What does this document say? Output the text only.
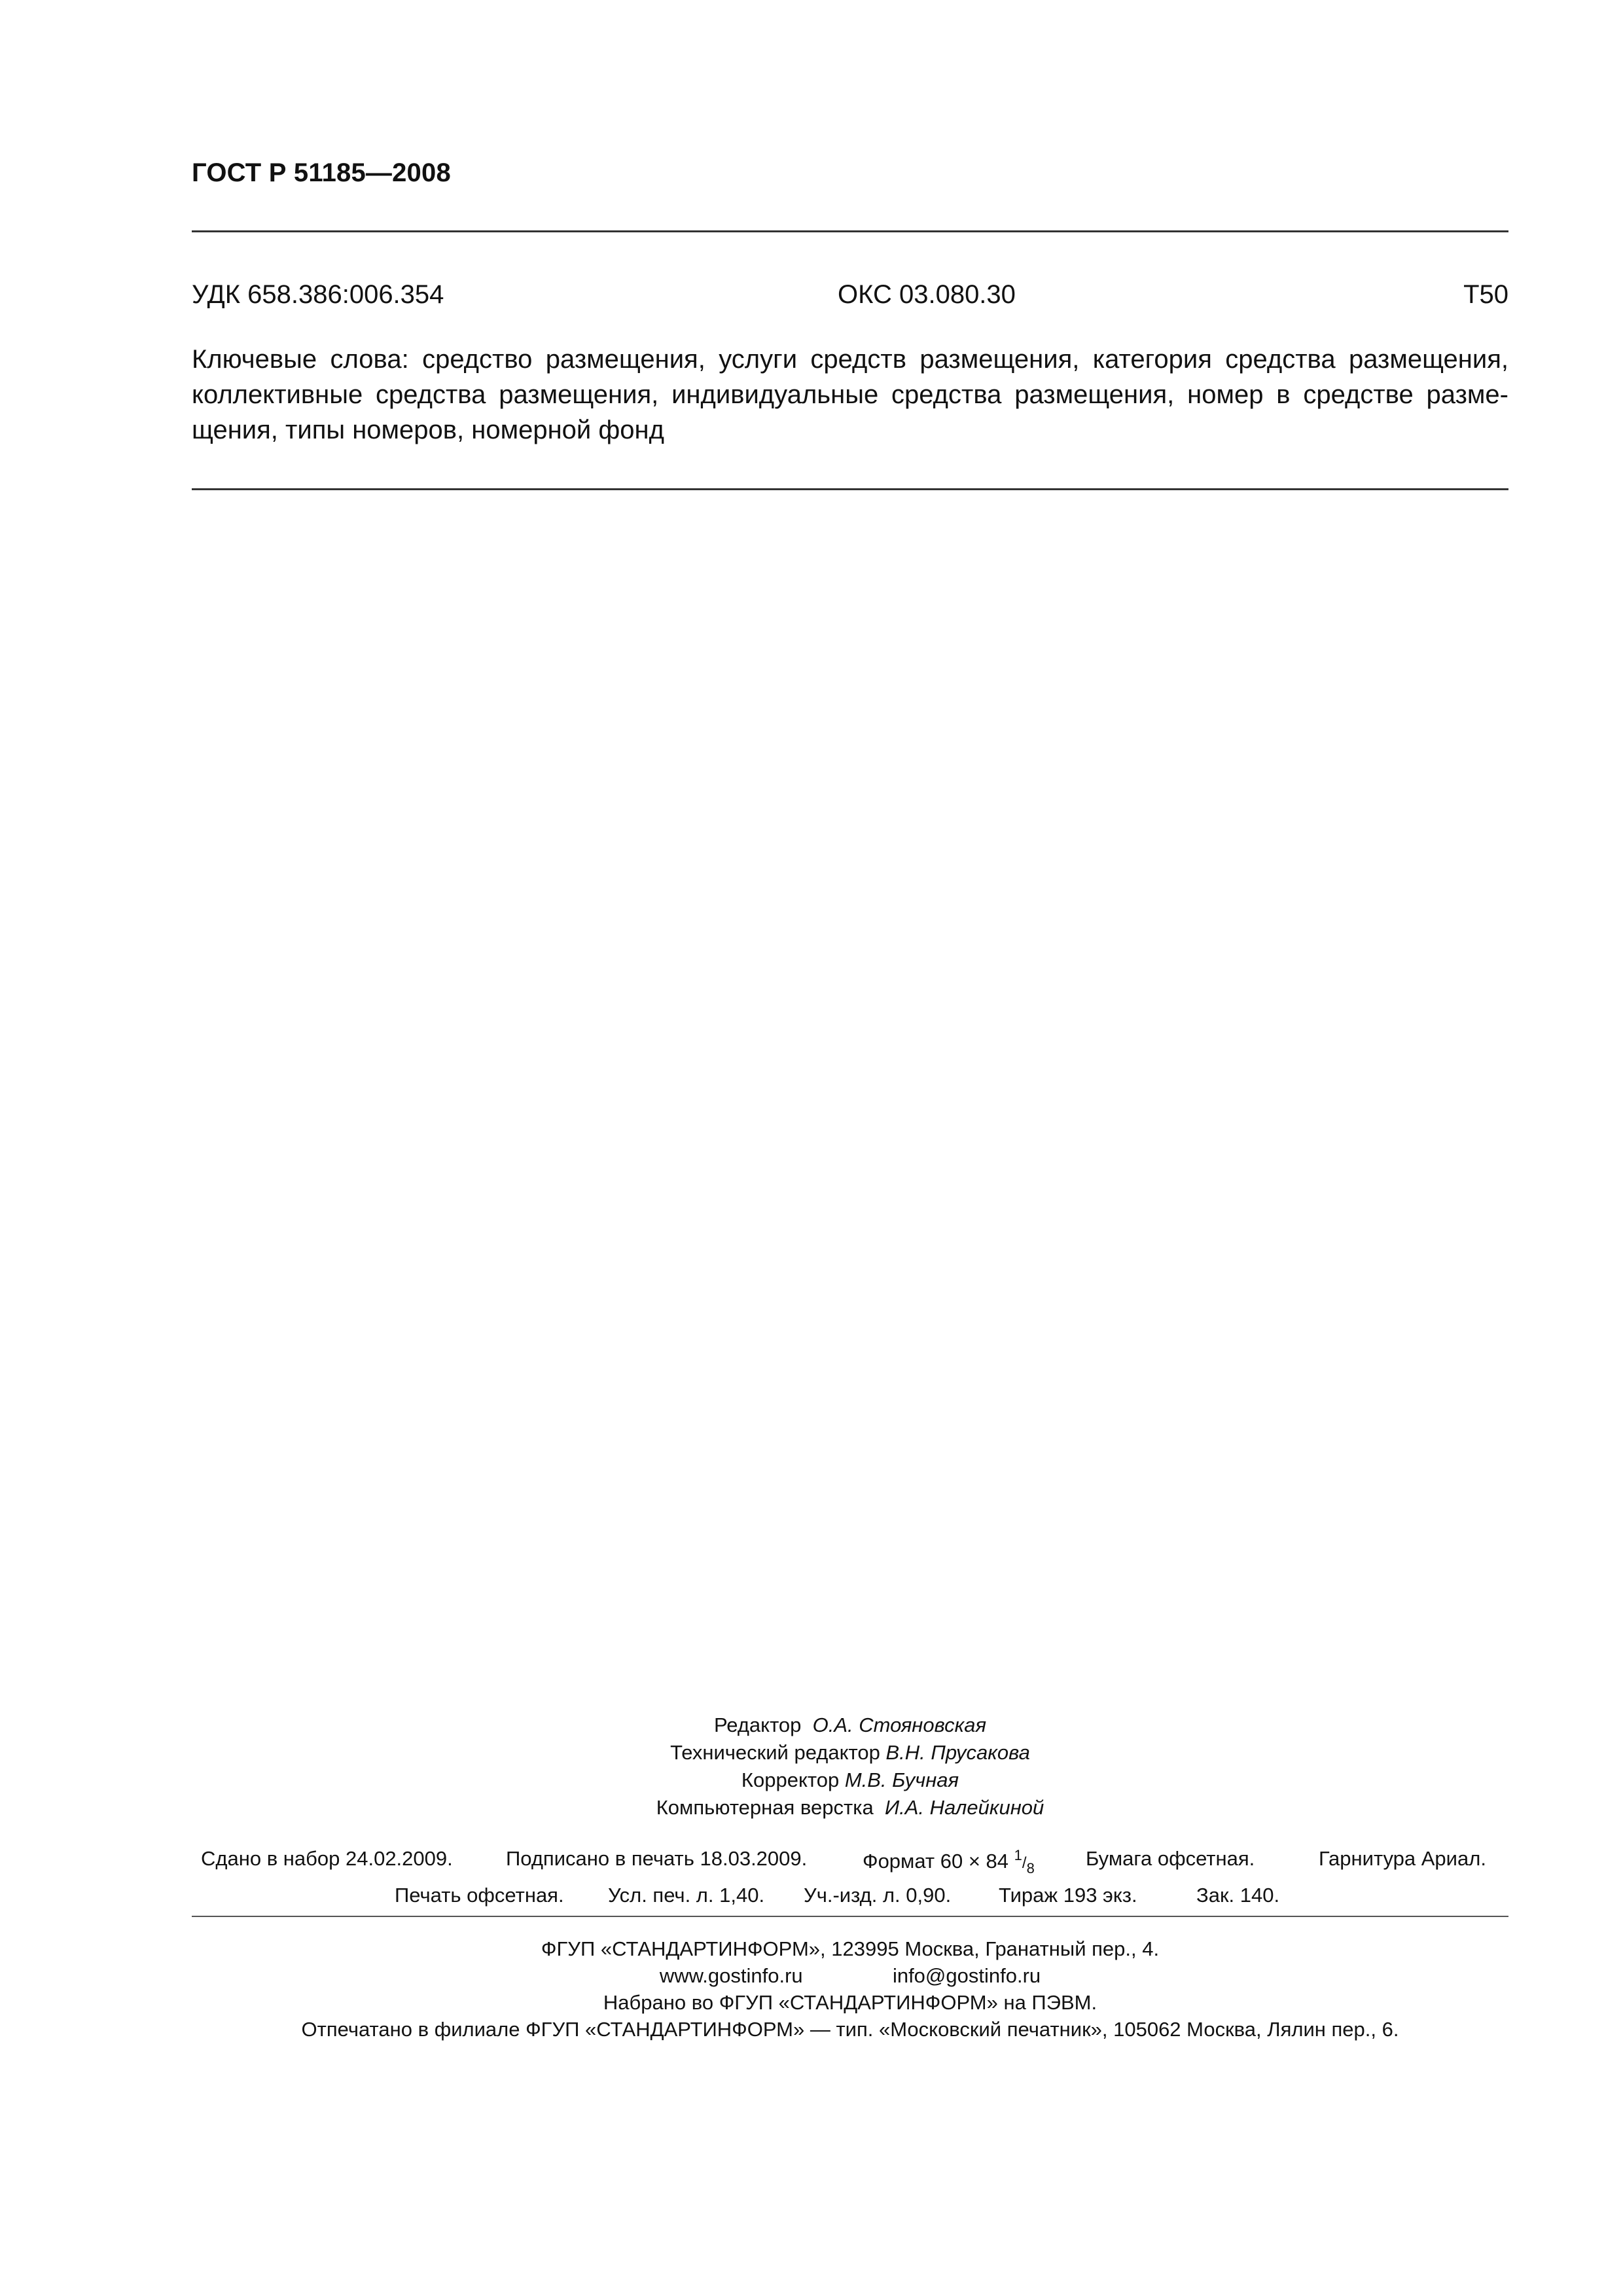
ГОСТ Р 51185—2008
УДК 658.386:006.354	ОКС 03.080.30	Т50
Ключевые слова: средство размещения, услуги средств размещения, категория средства размещения,
коллективные средства размещения, индивидуальные средства размещения, номер в средстве разме-
щения, типы номеров, номерной фонд
Редактор О.А. Стояновская
Технический редактор В.Н. Прусакова
Корректор М.В. Бучная
Компьютерная верстка И.А. Налейкиной
Сдано в набор 24.02.2009.	Подписано в печать 18.03.2009.	Формат 60 × 84 $^1/_8$	Бумага офсетная.	Гарнитура Ариал.
Печать офсетная. Усл. печ. л. 1,40. Уч.-изд. л. 0,90. Тираж 193 экз.	Зак. 140.
ФГУП «СТАНДАРТИНФОРМ», 123995 Москва, Гранатный пер., 4.
www.gostinfo.ru	info@gostinfo.ru
Набрано во ФГУП «СТАНДАРТИНФОРМ» на ПЭВМ.
Отпечатано в филиале ФГУП «СТАНДАРТИНФОРМ» — тип. «Московский печатник», 105062 Москва, Лялин пер., 6.
